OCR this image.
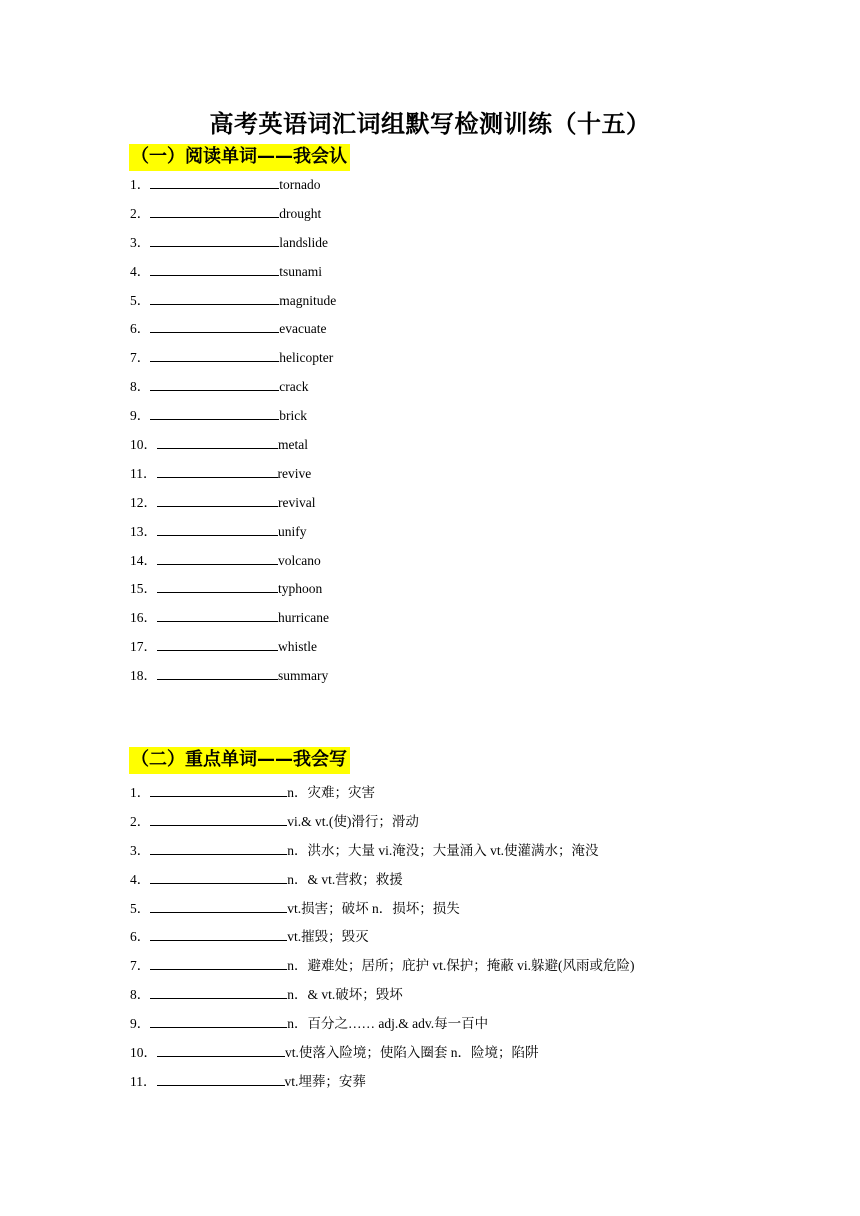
高考英语词汇词组默写检测训练（十五）
（一）阅读单词——我会认
1．	tornado
2．	drought
3．	landslide
4．	tsunami
5．	magnitude
6．	evacuate
7．	helicopter
8．	crack
9．	brick
10．	metal
11．	revive
12．	revival
13．	unify
14．	volcano
15．	typhoon
16．	hurricane
17．	whistle
18．	summary
（二）重点单词——我会写
1．	n．灾难；灾害
2．	vi.& vt.(使)滑行；滑动
3．	n．洪水；大量 vi.淹没；大量涌入 vt.使灌满水；淹没
4．	n．& vt.营救；救援
5．	vt.损害；破坏 n．损坏；损失
6．	vt.摧毁；毁灭
7．	n．避难处；居所；庇护 vt.保护；掩蔽 vi.躲避(风雨或危险)
8．	n．& vt.破坏；毁坏
9．	n．百分之…… adj.& adv.每一百中
10．	vt.使落入险境；使陷入圈套 n．险境；陷阱
11．	vt.埋葬；安葬
